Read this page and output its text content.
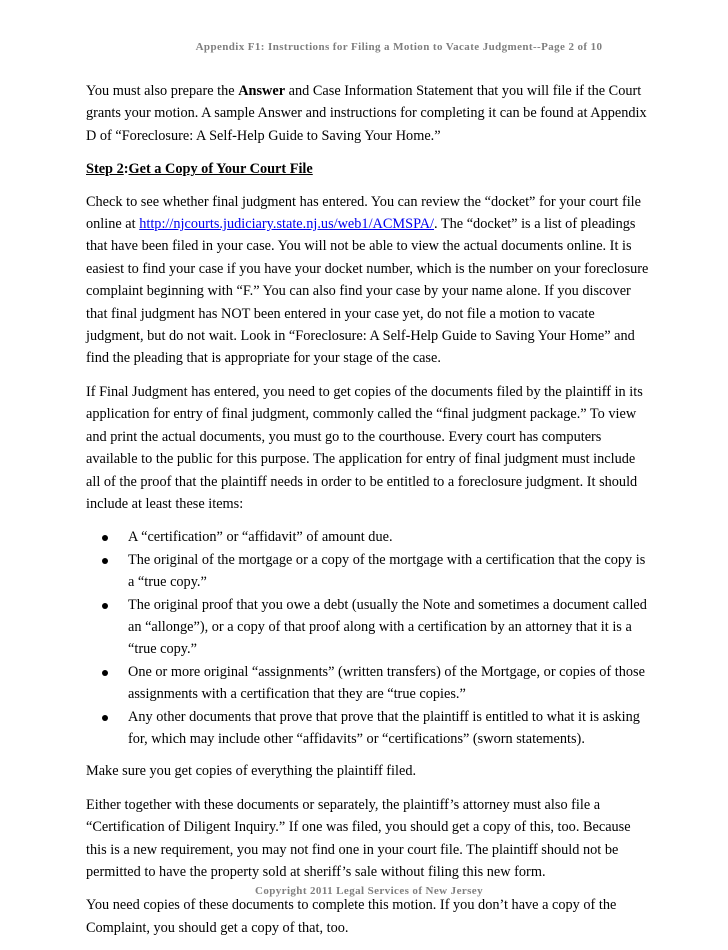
Appendix F1: Instructions for Filing a Motion to Vacate Judgment--Page 2 of 10

You must also prepare the Answer and Case Information Statement that you will file if the Court grants your motion. A sample Answer and instructions for completing it can be found at Appendix D of “Foreclosure: A Self-Help Guide to Saving Your Home.”

Step 2:Get a Copy of Your Court File

Check to see whether final judgment has entered. You can review the “docket” for your court file online at http://njcourts.judiciary.state.nj.us/web1/ACMSPA/. The “docket” is a list of pleadings that have been filed in your case. You will not be able to view the actual documents online. It is easiest to find your case if you have your docket number, which is the number on your foreclosure complaint beginning with “F.” You can also find your case by your name alone. If you discover that final judgment has NOT been entered in your case yet, do not file a motion to vacate judgment, but do not wait. Look in “Foreclosure: A Self-Help Guide to Saving Your Home” and find the pleading that is appropriate for your stage of the case.

If Final Judgment has entered, you need to get copies of the documents filed by the plaintiff in its application for entry of final judgment, commonly called the “final judgment package.” To view and print the actual documents, you must go to the courthouse. Every court has computers available to the public for this purpose. The application for entry of final judgment must include all of the proof that the plaintiff needs in order to be entitled to a foreclosure judgment. It should include at least these items:

A “certification” or “affidavit” of amount due.
The original of the mortgage or a copy of the mortgage with a certification that the copy is a “true copy.”
The original proof that you owe a debt (usually the Note and sometimes a document called an “allonge”), or a copy of that proof along with a certification by an attorney that it is a “true copy.”
One or more original “assignments” (written transfers) of the Mortgage, or copies of those assignments with a certification that they are “true copies.”
Any other documents that prove that prove that the plaintiff is entitled to what it is asking for, which may include other “affidavits” or “certifications” (sworn statements).

Make sure you get copies of everything the plaintiff filed.

Either together with these documents or separately, the plaintiff’s attorney must also file a “Certification of Diligent Inquiry.” If one was filed, you should get a copy of this, too. Because this is a new requirement, you may not find one in your court file. The plaintiff should not be permitted to have the property sold at sheriff’s sale without filing this new form.

You need copies of these documents to complete this motion. If you don’t have a copy of the Complaint, you should get a copy of that, too.

Copyright 2011 Legal Services of New Jersey
